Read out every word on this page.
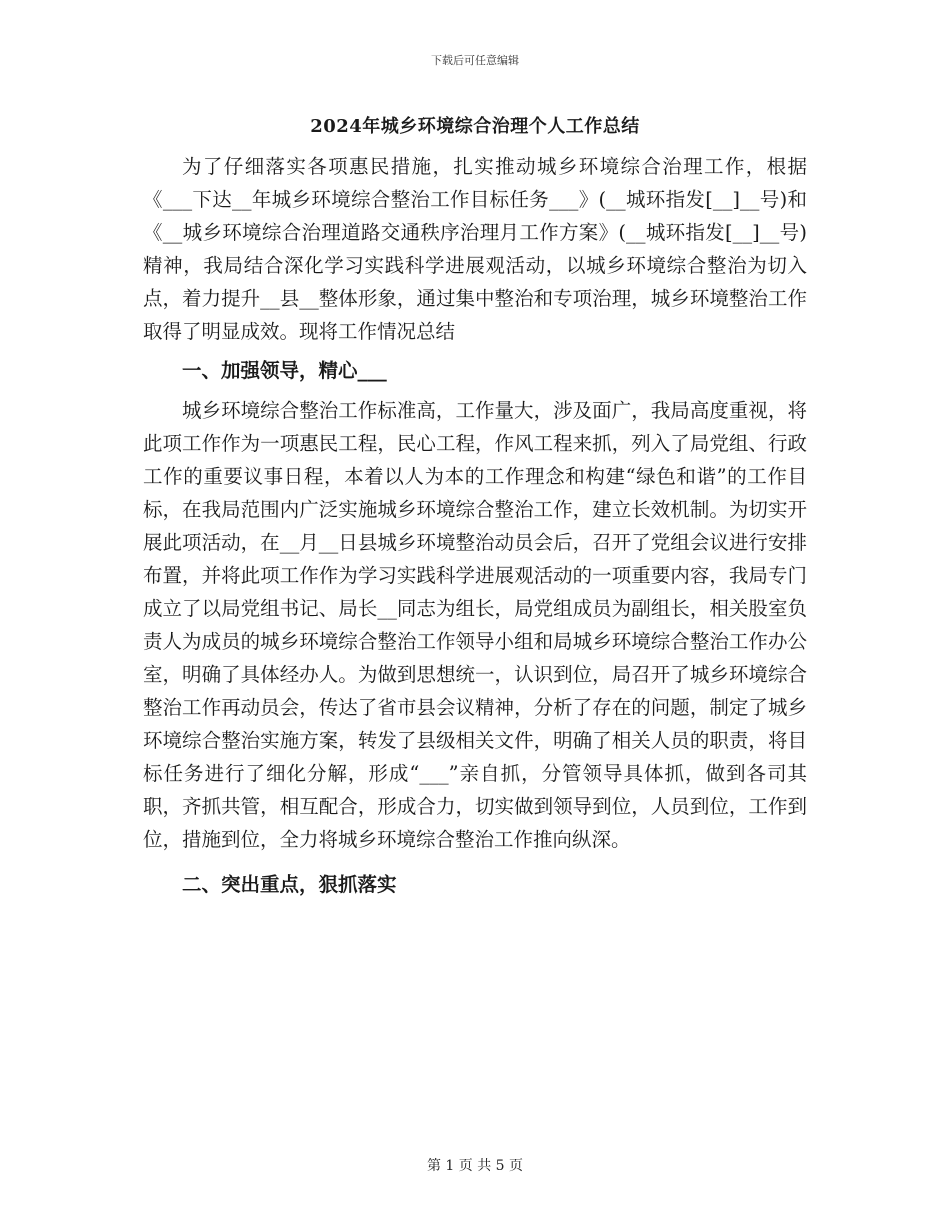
下载后可任意编辑
2024年城乡环境综合治理个人工作总结

为了仔细落实各项惠民措施，扎实推动城乡环境综合治理工作，根据《___下达__年城乡环境综合整治工作目标任务___》(__城环指发[__]__号)和《__城乡环境综合治理道路交通秩序治理月工作方案》(__城环指发[__]__号)精神，我局结合深化学习实践科学进展观活动，以城乡环境综合整治为切入点，着力提升__县__整体形象，通过集中整治和专项治理，城乡环境整治工作取得了明显成效。现将工作情况总结

一、加强领导，精心___

城乡环境综合整治工作标准高，工作量大，涉及面广，我局高度重视，将此项工作作为一项惠民工程，民心工程，作风工程来抓，列入了局党组、行政工作的重要议事日程，本着以人为本的工作理念和构建“绿色和谐”的工作目标，在我局范围内广泛实施城乡环境综合整治工作，建立长效机制。为切实开展此项活动，在__月__日县城乡环境整治动员会后，召开了党组会议进行安排布置，并将此项工作作为学习实践科学进展观活动的一项重要内容，我局专门成立了以局党组书记、局长__同志为组长，局党组成员为副组长，相关股室负责人为成员的城乡环境综合整治工作领导小组和局城乡环境综合整治工作办公室，明确了具体经办人。为做到思想统一，认识到位，局召开了城乡环境综合整治工作再动员会，传达了省市县会议精神，分析了存在的问题，制定了城乡环境综合整治实施方案，转发了县级相关文件，明确了相关人员的职责，将目标任务进行了细化分解，形成“___”亲自抓，分管领导具体抓，做到各司其职，齐抓共管，相互配合，形成合力，切实做到领导到位，人员到位，工作到位，措施到位，全力将城乡环境综合整治工作推向纵深。

二、突出重点，狠抓落实

第 1 页 共 5 页
